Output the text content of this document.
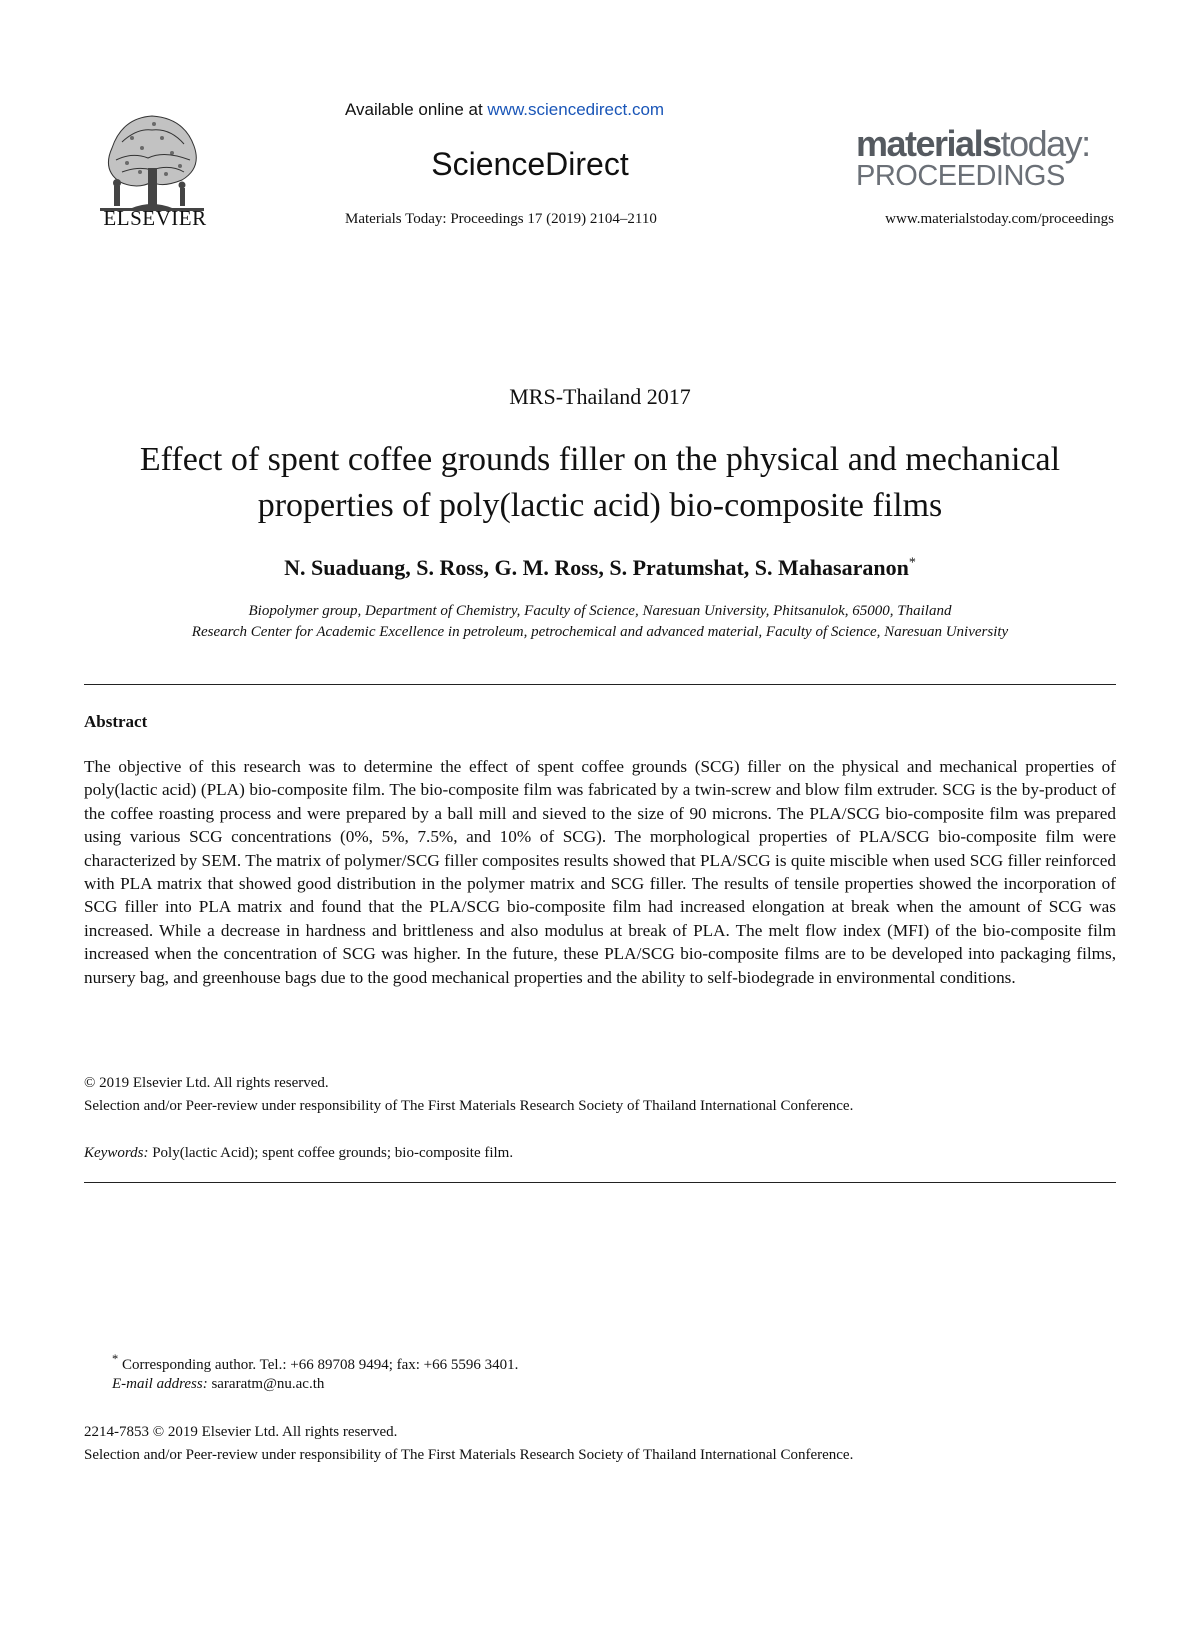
ELSEVIER
Available online at www.sciencedirect.com
ScienceDirect
Materials Today: Proceedings 17 (2019) 2104–2110
materialstoday:
PROCEEDINGS
www.materialstoday.com/proceedings
MRS-Thailand 2017
Effect of spent coffee grounds filler on the physical and mechanical
properties of poly(lactic acid) bio-composite films
N. Suaduang, S. Ross, G. M. Ross, S. Pratumshat, S. Mahasaranon*
Biopolymer group, Department of Chemistry, Faculty of Science, Naresuan University, Phitsanulok, 65000, Thailand
Research Center for Academic Excellence in petroleum, petrochemical and advanced material, Faculty of Science, Naresuan University
Abstract
The objective of this research was to determine the effect of spent coffee grounds (SCG) filler on the physical and mechanical properties of poly(lactic acid) (PLA) bio-composite film. The bio-composite film was fabricated by a twin-screw and blow film extruder. SCG is the by-product of the coffee roasting process and were prepared by a ball mill and sieved to the size of 90 microns. The PLA/SCG bio-composite film was prepared using various SCG concentrations (0%, 5%, 7.5%, and 10% of SCG). The morphological properties of PLA/SCG bio-composite film were characterized by SEM. The matrix of polymer/SCG filler composites results showed that PLA/SCG is quite miscible when used SCG filler reinforced with PLA matrix that showed good distribution in the polymer matrix and SCG filler. The results of tensile properties showed the incorporation of SCG filler into PLA matrix and found that the PLA/SCG bio-composite film had increased elongation at break when the amount of SCG was increased. While a decrease in hardness and brittleness and also modulus at break of PLA. The melt flow index (MFI) of the bio-composite film increased when the concentration of SCG was higher. In the future, these PLA/SCG bio-composite films are to be developed into packaging films, nursery bag, and greenhouse bags due to the good mechanical properties and the ability to self-biodegrade in environmental conditions.
© 2019 Elsevier Ltd. All rights reserved.
Selection and/or Peer-review under responsibility of The First Materials Research Society of Thailand International Conference.
Keywords: Poly(lactic Acid); spent coffee grounds; bio-composite film.
* Corresponding author. Tel.: +66 89708 9494; fax: +66 5596 3401.
E-mail address: sararatm@nu.ac.th
2214-7853 © 2019 Elsevier Ltd. All rights reserved.
Selection and/or Peer-review under responsibility of The First Materials Research Society of Thailand International Conference.
